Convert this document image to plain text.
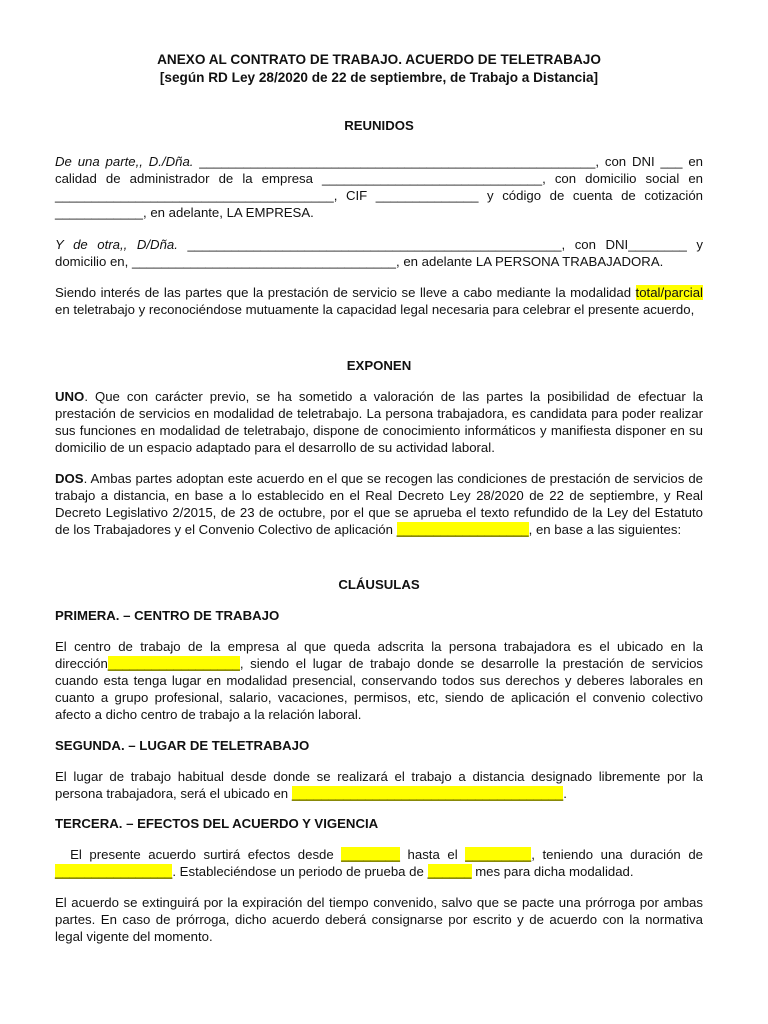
ANEXO AL CONTRATO DE TRABAJO. ACUERDO DE TELETRABAJO
[según RD Ley 28/2020 de 22 de septiembre, de Trabajo a Distancia]
REUNIDOS

De una parte,, D./Dña. ______________________________________________________, con DNI ___ en calidad de administrador de la empresa ______________________________, con domicilio social en ______________________________________, CIF ______________ y código de cuenta de cotización ____________, en adelante, LA EMPRESA.

Y de otra,, D/Dña. ___________________________________________________, con DNI________ y domicilio en, ____________________________________, en adelante LA PERSONA TRABAJADORA.

Siendo interés de las partes que la prestación de servicio se lleve a cabo mediante la modalidad total/parcial en teletrabajo y reconociéndose mutuamente la capacidad legal necesaria para celebrar el presente acuerdo,

EXPONEN

UNO. Que con carácter previo, se ha sometido a valoración de las partes la posibilidad de efectuar la prestación de servicios en modalidad de teletrabajo. La persona trabajadora, es candidata para poder realizar sus funciones en modalidad de teletrabajo, dispone de conocimiento informáticos y manifiesta disponer en su domicilio de un espacio adaptado para el desarrollo de su actividad laboral.

DOS. Ambas partes adoptan este acuerdo en el que se recogen las condiciones de prestación de servicios de trabajo a distancia, en base a lo establecido en el Real Decreto Ley 28/2020 de 22 de septiembre, y Real Decreto Legislativo 2/2015, de 23 de octubre, por el que se aprueba el texto refundido de la Ley del Estatuto de los Trabajadores y el Convenio Colectivo de aplicación __________________, en base a las siguientes:

CLÁUSULAS
PRIMERA. – CENTRO DE TRABAJO

El centro de trabajo de la empresa al que queda adscrita la persona trabajadora es el ubicado en la dirección__________________, siendo el lugar de trabajo donde se desarrolle la prestación de servicios cuando esta tenga lugar en modalidad presencial, conservando todos sus derechos y deberes laborales en cuanto a grupo profesional, salario, vacaciones, permisos, etc, siendo de aplicación el convenio colectivo afecto a dicho centro de trabajo a la relación laboral.

SEGUNDA. – LUGAR DE TELETRABAJO

El lugar de trabajo habitual desde donde se realizará el trabajo a distancia designado libremente por la persona trabajadora, será el ubicado en _____________________________________.

TERCERA. – EFECTOS DEL ACUERDO Y VIGENCIA

El presente acuerdo surtirá efectos desde ________ hasta el _________, teniendo una duración de ________________. Estableciéndose un periodo de prueba de ______ mes para dicha modalidad.

El acuerdo se extinguirá por la expiración del tiempo convenido, salvo que se pacte una prórroga por ambas partes. En caso de prórroga, dicho acuerdo deberá consignarse por escrito y de acuerdo con la normativa legal vigente del momento.
